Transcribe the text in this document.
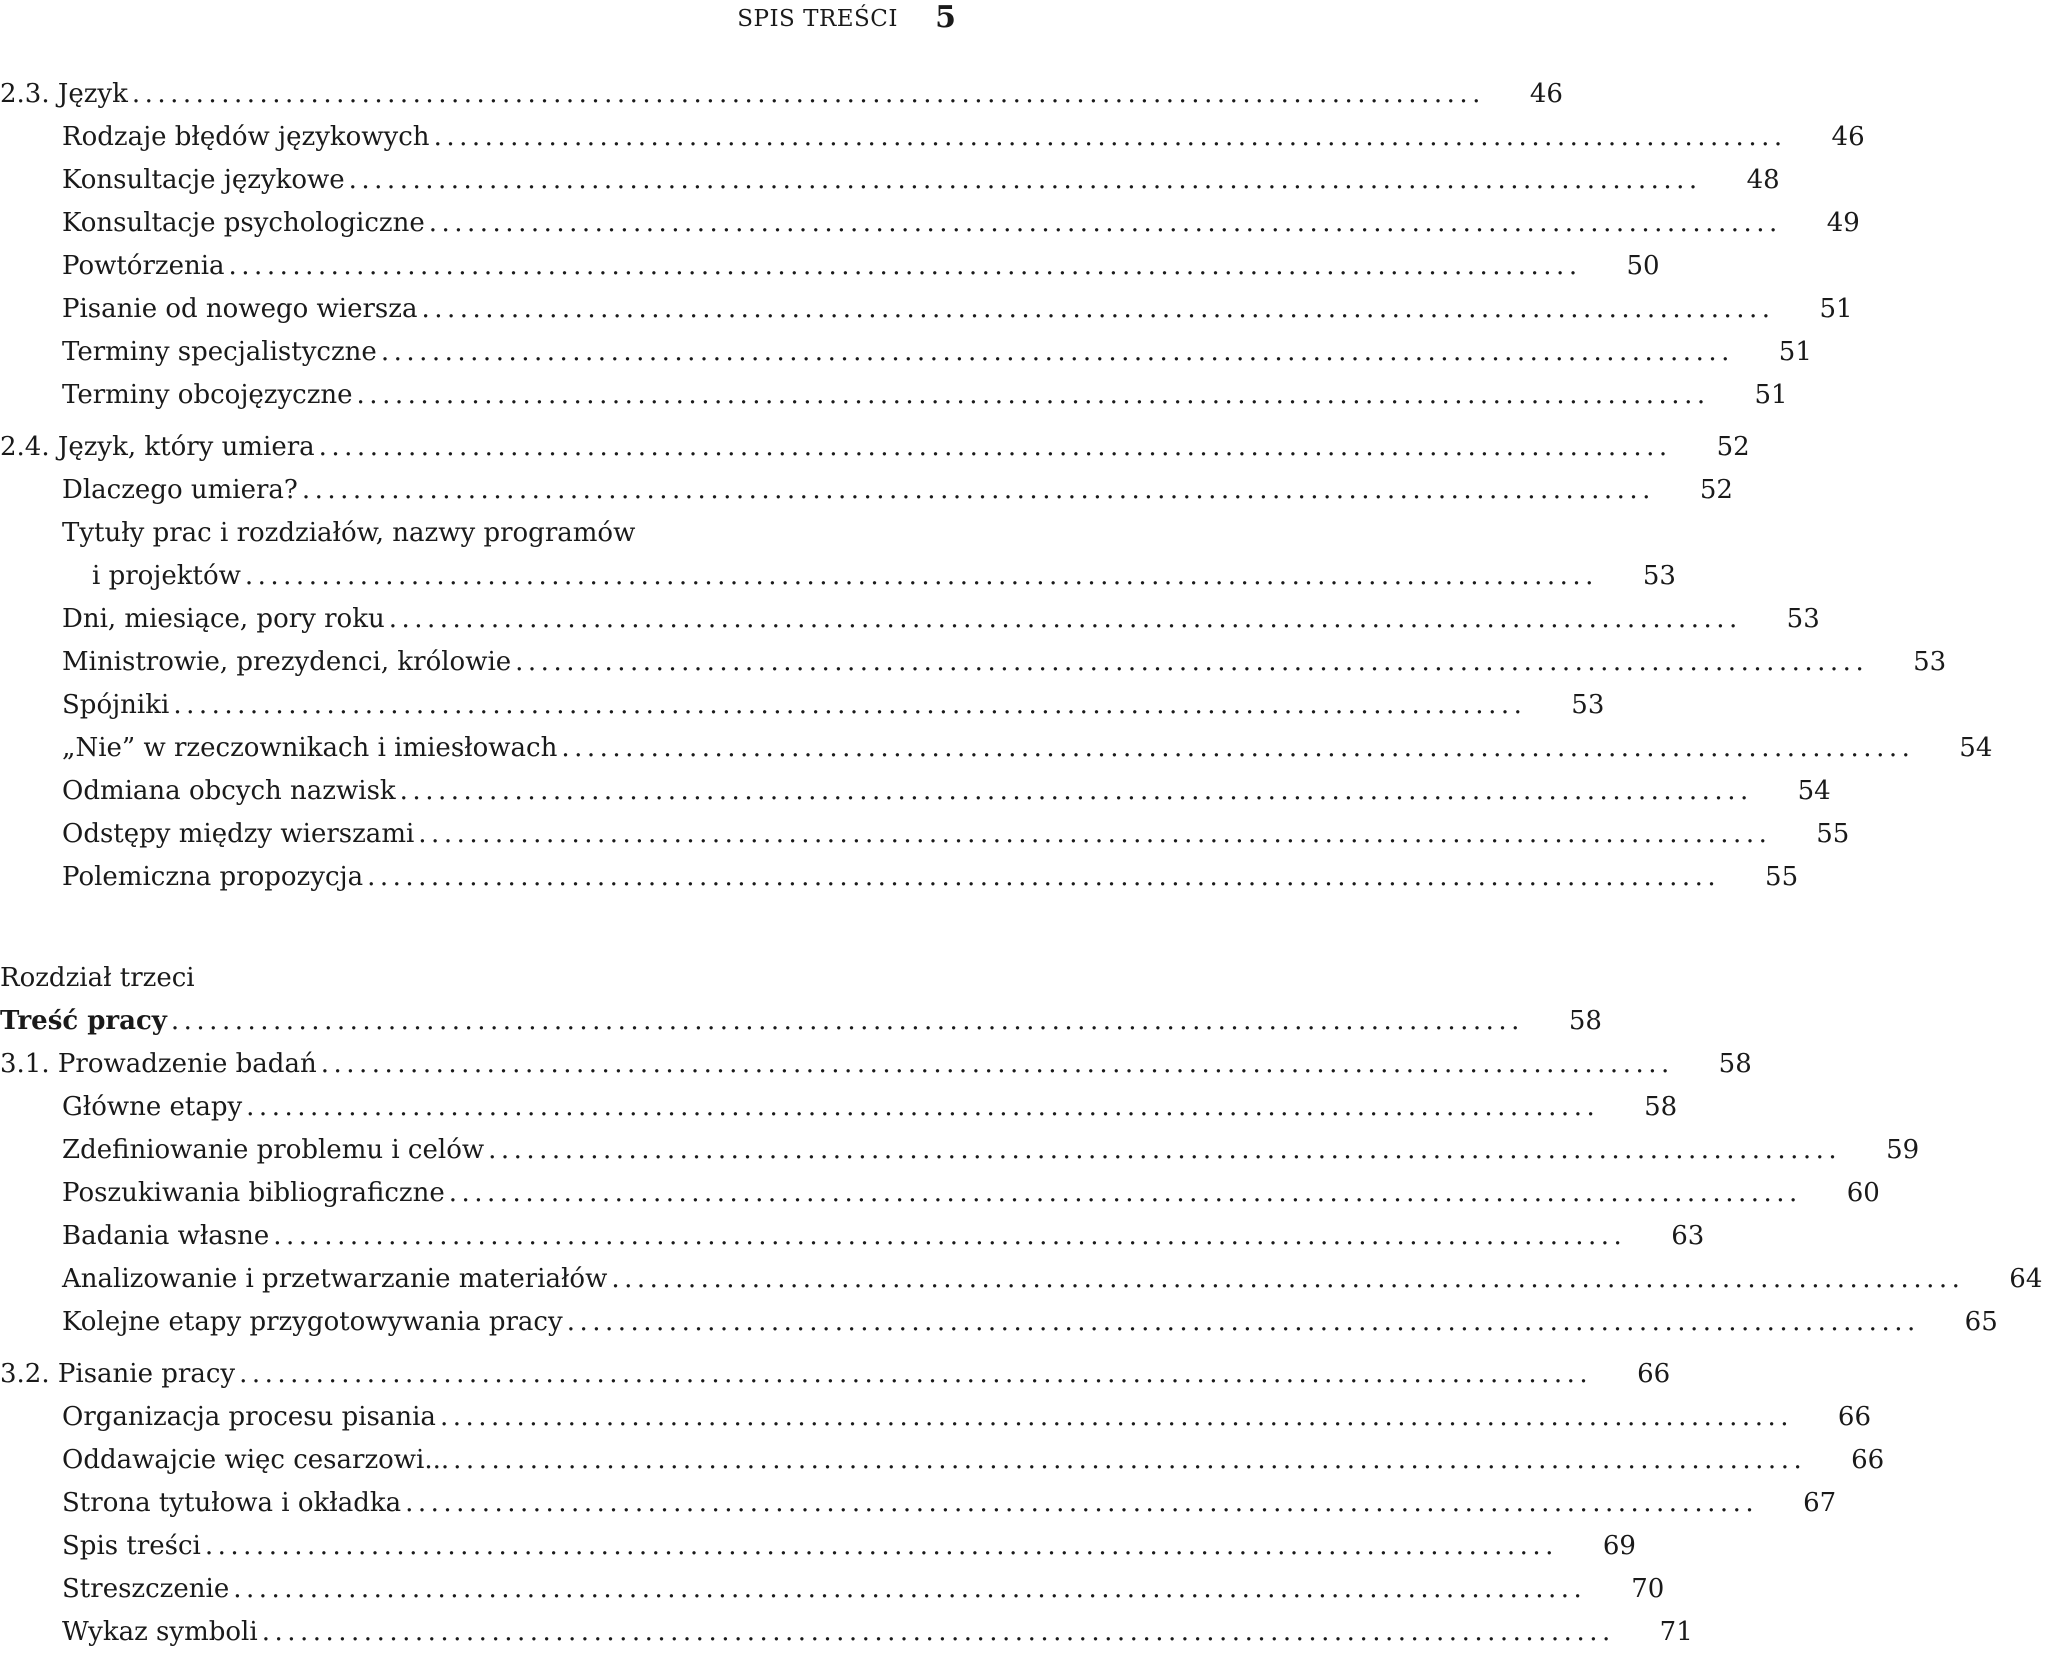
SPIS TREŚCI 5
2.3. Język ..........................................................................................................	46
Rodzaje błędów językowych ..........................................................................................................	46
Konsultacje językowe ..........................................................................................................	48
Konsultacje psychologiczne ..........................................................................................................	49
Powtórzenia ..........................................................................................................	50
Pisanie od nowego wiersza ..........................................................................................................	51
Terminy specjalistyczne ..........................................................................................................	51
Terminy obcojęzyczne ..........................................................................................................	51
2.4. Język, który umiera ..........................................................................................................	52
Dlaczego umiera? ..........................................................................................................	52
Tytuły prac i rozdziałów, nazwy programów
i projektów ..........................................................................................................	53
Dni, miesiące, pory roku ..........................................................................................................	53
Ministrowie, prezydenci, królowie ..........................................................................................................	53
Spójniki ..........................................................................................................	53
„Nie” w rzeczownikach i imiesłowach ..........................................................................................................	54
Odmiana obcych nazwisk ..........................................................................................................	54
Odstępy między wierszami ..........................................................................................................	55
Polemiczna propozycja ..........................................................................................................	55
Rozdział trzeci
Treść pracy ..........................................................................................................	58
3.1. Prowadzenie badań ..........................................................................................................	58
Główne etapy ..........................................................................................................	58
Zdefiniowanie problemu i celów ..........................................................................................................	59
Poszukiwania bibliograficzne ..........................................................................................................	60
Badania własne ..........................................................................................................	63
Analizowanie i przetwarzanie materiałów ..........................................................................................................	64
Kolejne etapy przygotowywania pracy ..........................................................................................................	65
3.2. Pisanie pracy ..........................................................................................................	66
Organizacja procesu pisania ..........................................................................................................	66
Oddawajcie więc cesarzowi... ..........................................................................................................	66
Strona tytułowa i okładka ..........................................................................................................	67
Spis treści ..........................................................................................................	69
Streszczenie ..........................................................................................................	70
Wykaz symboli ..........................................................................................................	71
